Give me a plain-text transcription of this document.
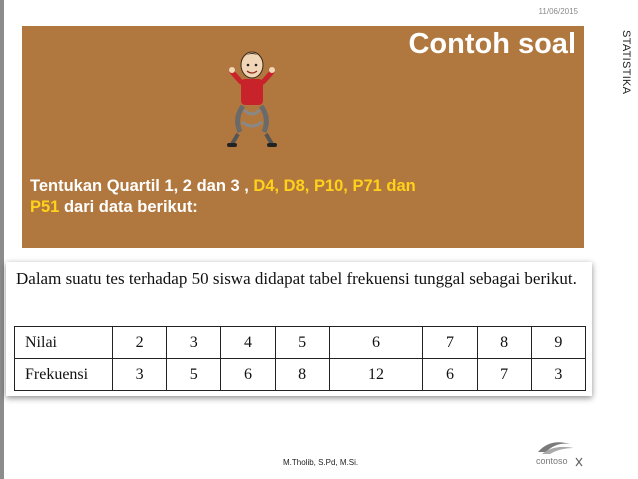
11/06/2015
STATISTIKA
Contoh soal
Tentukan Quartil 1, 2 dan 3 , D4, D8, P10, P71 dan
P51 dari data berikut:
Dalam suatu tes terhadap 50 siswa didapat tabel frekuensi tunggal sebagai berikut.
Nilai	2	3	4	5	6	7	8	9
Frekuensi	3	5	6	8	12	6	7	3
M.Tholib, S.Pd, M.Si.	contoso
